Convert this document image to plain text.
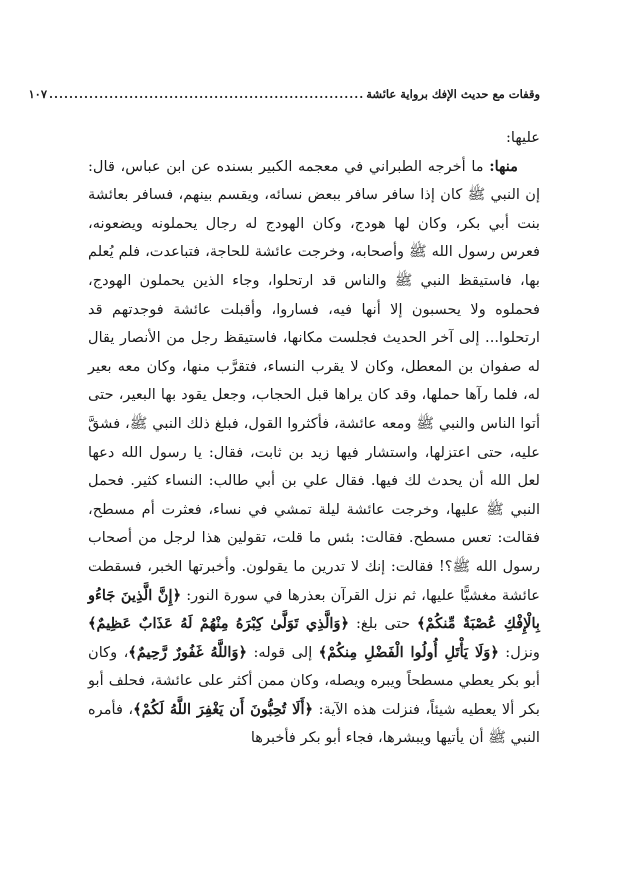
وقفات مع حديث الإفك برواية عائشة
...............................................................
١٠٧

عليها:

منها: ما أخرجه الطبراني في معجمه الكبير بسنده عن ابن عباس، قال: إن النبي ﷺ كان إذا سافر سافر ببعض نسائه، ويقسم بينهم، فسافر بعائشة بنت أبي بكر، وكان لها هودج، وكان الهودج له رجال يحملونه ويضعونه، فعرس رسول الله ﷺ وأصحابه، وخرجت عائشة للحاجة، فتباعدت، فلم يُعلم بها، فاستيقظ النبي ﷺ والناس قد ارتحلوا، وجاء الذين يحملون الهودج، فحملوه ولا يحسبون إلا أنها فيه، فساروا، وأقبلت عائشة فوجدتهم قد ارتحلوا... إلى آخر الحديث فجلست مكانها، فاستيقظ رجل من الأنصار يقال له صفوان بن المعطل، وكان لا يقرب النساء، فتقرَّب منها، وكان معه بعير له، فلما رآها حملها، وقد كان يراها قبل الحجاب، وجعل يقود بها البعير، حتى أتوا الناس والنبي ﷺ ومعه عائشة، فأكثروا القول، فبلغ ذلك النبي ﷺ، فشقَّ عليه، حتى اعتزلها، واستشار فيها زيد بن ثابت، فقال: يا رسول الله دعها لعل الله أن يحدث لك فيها. فقال علي بن أبي طالب: النساء كثير. فحمل النبي ﷺ عليها، وخرجت عائشة ليلة تمشي في نساء، فعثرت أم مسطح، فقالت: تعس مسطح. فقالت: بئس ما قلت، تقولين هذا لرجل من أصحاب رسول الله ﷺ؟! فقالت: إنك لا تدرين ما يقولون. وأخبرتها الخبر، فسقطت عائشة مغشيًّا عليها، ثم نزل القرآن بعذرها في سورة النور: ﴿إِنَّ الَّذِينَ جَاءُو بِالْإِفْكِ عُصْبَةٌ مِّنكُمْ﴾ حتى بلغ: ﴿وَالَّذِي تَوَلَّىٰ كِبْرَهُ مِنْهُمْ لَهُ عَذَابٌ عَظِيمٌ﴾ ونزل: ﴿وَلَا يَأْتَلِ أُولُوا الْفَضْلِ مِنكُمْ﴾ إلى قوله: ﴿وَاللَّهُ غَفُورٌ رَّحِيمٌ﴾، وكان أبو بكر يعطي مسطحاً ويبره ويصله، وكان ممن أكثر على عائشة، فحلف أبو بكر ألا يعطيه شيئاً، فنزلت هذه الآية: ﴿أَلَا تُحِبُّونَ أَن يَغْفِرَ اللَّهُ لَكُمْ﴾، فأمره النبي ﷺ أن يأتيها ويبشرها، فجاء أبو بكر فأخبرها
